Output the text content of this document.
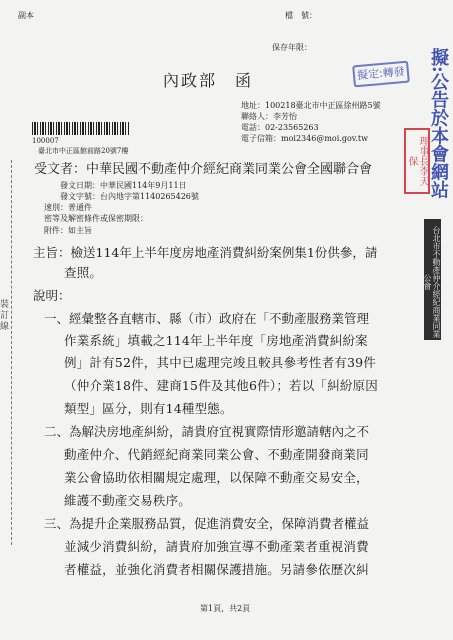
副本	檔　號：
保存年限：
擬定:轉發	擬:公告於本會網站
理事長李天保
台北市不動產仲介經紀商業同業公會
內政部　函
地址：100218臺北市中正區徐州路5號
聯絡人：李芳怡
電話：02-23565263
電子信箱：moi2346@moi.gov.tw
100007
臺北市中正區館前路20號7樓
受文者：中華民國不動產仲介經紀商業同業公會全國聯合會
發文日期：中華民國114年9月11日
發文字號：台內地字第1140265426號
速別：普通件
密等及解密條件或保密期限：
附件：如主旨
裝訂線
主旨：檢送114年上半年度房地產消費糾紛案例集1份供參，請
查照。
說明：
一、經彙整各直轄市、縣（市）政府在「不動產服務業管理
作業系統」填載之114年上半年度「房地產消費糾紛案
例」計有52件，其中已處理完竣且較具參考性者有39件
（仲介業18件、建商15件及其他6件）；若以「糾紛原因
類型」區分，則有14種型態。
二、為解決房地產糾紛，請貴府宜視實際情形邀請轄內之不
動產仲介、代銷經紀商業同業公會、不動產開發商業同
業公會協助依相關規定處理，以保障不動產交易安全，
維護不動產交易秩序。
三、為提升企業服務品質，促進消費安全，保障消費者權益
並減少消費糾紛，請貴府加強宣導不動產業者重視消費
者權益，並強化消費者相關保護措施。另請參依歷次糾
第1頁，共2頁
